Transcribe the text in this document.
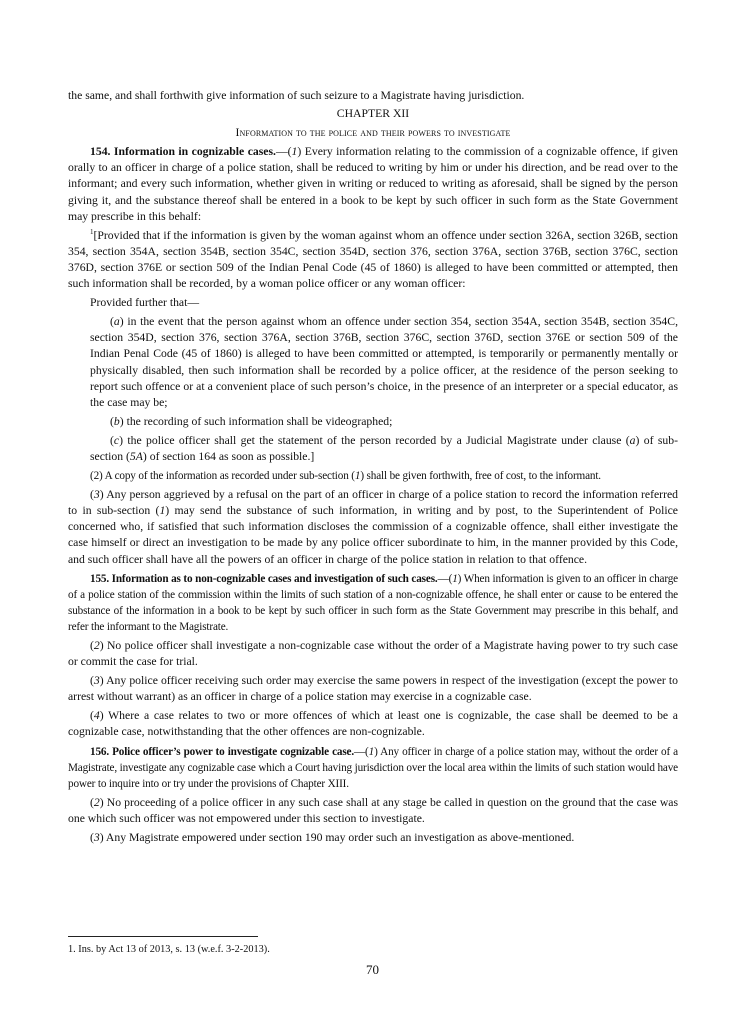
the same, and shall forthwith give information of such seizure to a Magistrate having jurisdiction.

CHAPTER XII

Information to the police and their powers to investigate

154. Information in cognizable cases.—(1) Every information relating to the commission of a cognizable offence, if given orally to an officer in charge of a police station, shall be reduced to writing by him or under his direction, and be read over to the informant; and every such information, whether given in writing or reduced to writing as aforesaid, shall be signed by the person giving it, and the substance thereof shall be entered in a book to be kept by such officer in such form as the State Government may prescribe in this behalf:

$^1$[Provided that if the information is given by the woman against whom an offence under section 326A, section 326B, section 354, section 354A, section 354B, section 354C, section 354D, section 376, section 376A, section 376B, section 376C, section 376D, section 376E or section 509 of the Indian Penal Code (45 of 1860) is alleged to have been committed or attempted, then such information shall be recorded, by a woman police officer or any woman officer:

Provided further that—

(a) in the event that the person against whom an offence under section 354, section 354A, section 354B, section 354C, section 354D, section 376, section 376A, section 376B, section 376C, section 376D, section 376E or section 509 of the Indian Penal Code (45 of 1860) is alleged to have been committed or attempted, is temporarily or permanently mentally or physically disabled, then such information shall be recorded by a police officer, at the residence of the person seeking to report such offence or at a convenient place of such person’s choice, in the presence of an interpreter or a special educator, as the case may be;

(b) the recording of such information shall be videographed;

(c) the police officer shall get the statement of the person recorded by a Judicial Magistrate under clause (a) of sub-section (5A) of section 164 as soon as possible.]

(2) A copy of the information as recorded under sub-section (1) shall be given forthwith, free of cost, to the informant.

(3) Any person aggrieved by a refusal on the part of an officer in charge of a police station to record the information referred to in sub-section (1) may send the substance of such information, in writing and by post, to the Superintendent of Police concerned who, if satisfied that such information discloses the commission of a cognizable offence, shall either investigate the case himself or direct an investigation to be made by any police officer subordinate to him, in the manner provided by this Code, and such officer shall have all the powers of an officer in charge of the police station in relation to that offence.

155. Information as to non-cognizable cases and investigation of such cases.—(1) When information is given to an officer in charge of a police station of the commission within the limits of such station of a non-cognizable offence, he shall enter or cause to be entered the substance of the information in a book to be kept by such officer in such form as the State Government may prescribe in this behalf, and refer the informant to the Magistrate.

(2) No police officer shall investigate a non-cognizable case without the order of a Magistrate having power to try such case or commit the case for trial.

(3) Any police officer receiving such order may exercise the same powers in respect of the investigation (except the power to arrest without warrant) as an officer in charge of a police station may exercise in a cognizable case.

(4) Where a case relates to two or more offences of which at least one is cognizable, the case shall be deemed to be a cognizable case, notwithstanding that the other offences are non-cognizable.

156. Police officer’s power to investigate cognizable case.—(1) Any officer in charge of a police station may, without the order of a Magistrate, investigate any cognizable case which a Court having jurisdiction over the local area within the limits of such station would have power to inquire into or try under the provisions of Chapter XIII.

(2) No proceeding of a police officer in any such case shall at any stage be called in question on the ground that the case was one which such officer was not empowered under this section to investigate.

(3) Any Magistrate empowered under section 190 may order such an investigation as above-mentioned.

1. Ins. by Act 13 of 2013, s. 13 (w.e.f. 3-2-2013).
70
